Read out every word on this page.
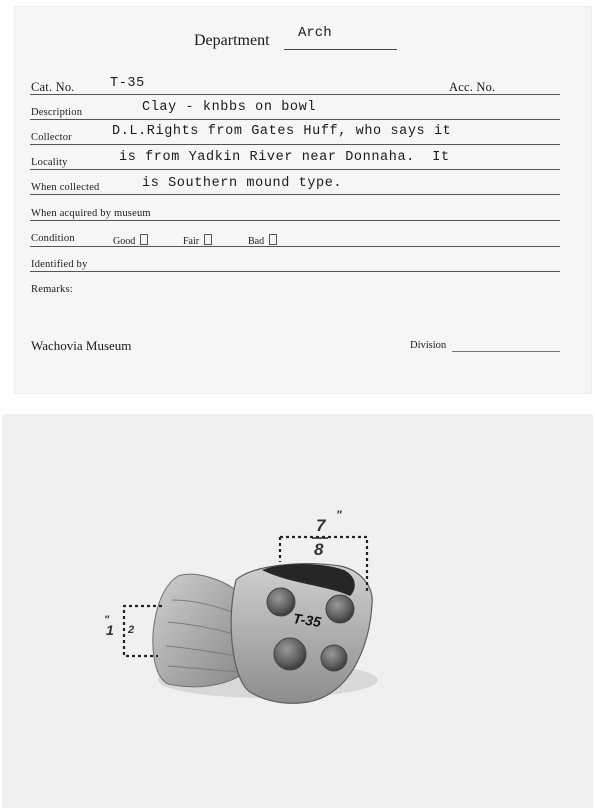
Department Arch
Cat. No.	T-35	Acc. No.
Description	Clay - knbbs on bowl
Collector	D.L.Rights from Gates Huff, who says it
Locality	is from Yadkin River near Donnaha.  It
When collected	is Southern mound type.
When acquired by museum
Condition	Good	Fair	Bad
Identified by
Remarks:
Wachovia Museum	Division
7
"
8
"
1 2
T-35
